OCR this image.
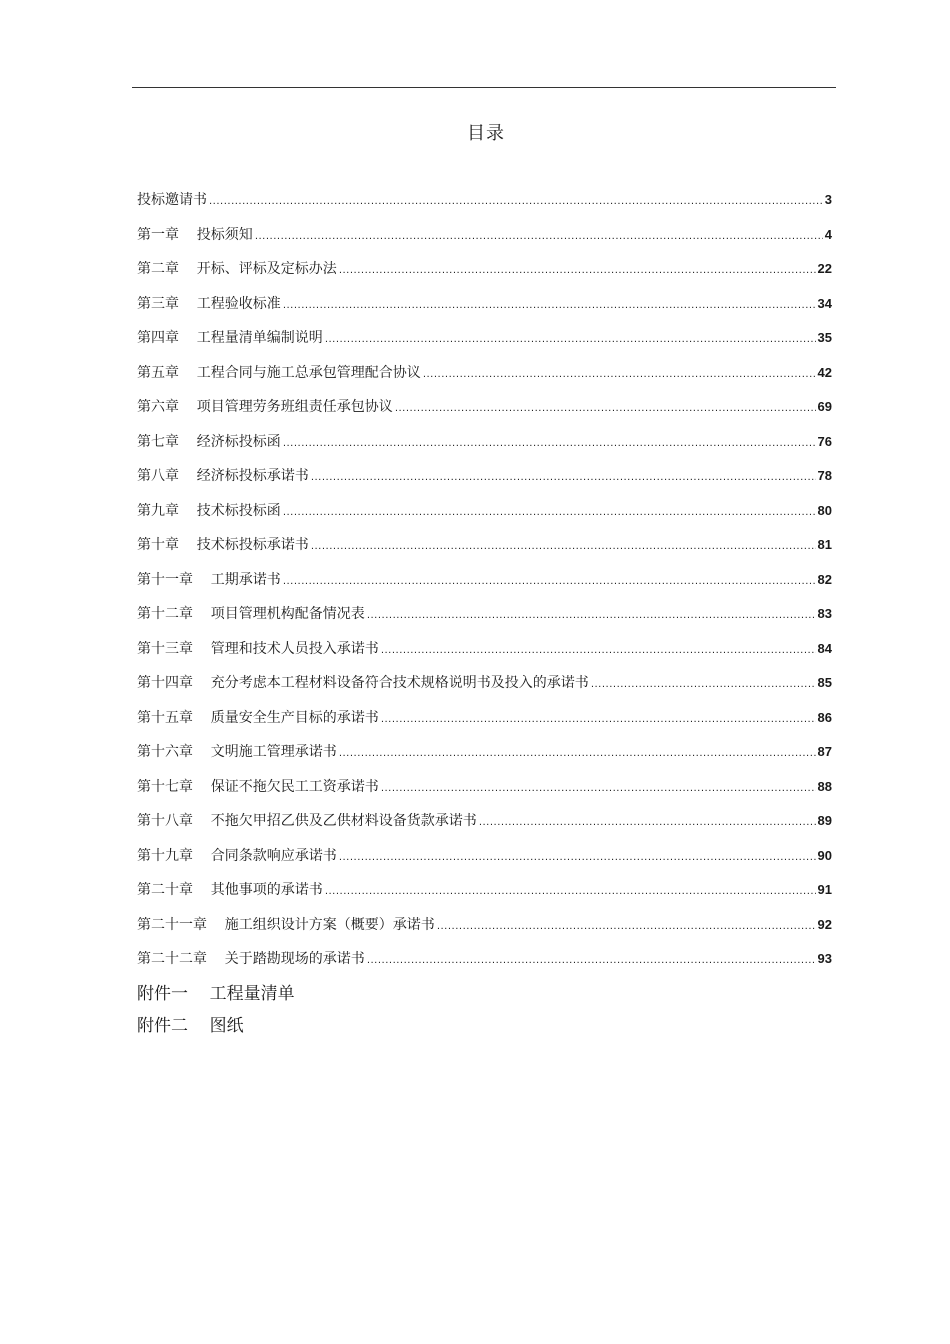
目录
投标邀请书 .....	3
第一章    投标须知 .....	4
第二章    开标、评标及定标办法 .....	22
第三章    工程验收标准 .....	34
第四章    工程量清单编制说明 .....	35
第五章    工程合同与施工总承包管理配合协议 .....	42
第六章    项目管理劳务班组责任承包协议 .....	69
第七章    经济标投标函 .....	76
第八章    经济标投标承诺书 .....	78
第九章    技术标投标函 .....	80
第十章    技术标投标承诺书 .....	81
第十一章    工期承诺书 .....	82
第十二章    项目管理机构配备情况表 .....	83
第十三章    管理和技术人员投入承诺书 .....	84
第十四章    充分考虑本工程材料设备符合技术规格说明书及投入的承诺书 .....	85
第十五章    质量安全生产目标的承诺书 .....	86
第十六章    文明施工管理承诺书 .....	87
第十七章    保证不拖欠民工工资承诺书 .....	88
第十八章    不拖欠甲招乙供及乙供材料设备货款承诺书 .....	89
第十九章    合同条款响应承诺书 .....	90
第二十章    其他事项的承诺书 .....	91
第二十一章    施工组织设计方案（概要）承诺书 .....	92
第二十二章    关于踏勘现场的承诺书 .....	93
附件一    工程量清单
附件二    图纸
